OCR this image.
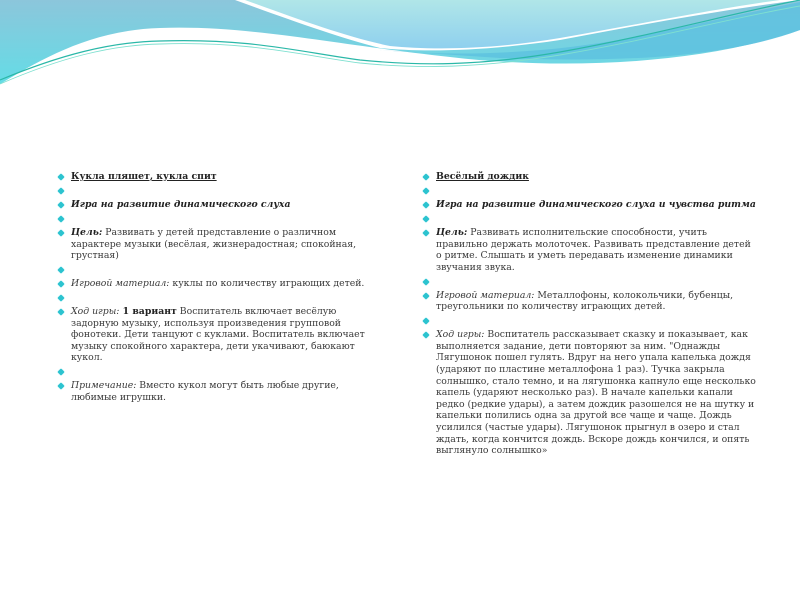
Кукла пляшет, кукла спит
Игра на развитие динамического слуха
Цель: Развивать у детей представление о различном характере музыки (весёлая, жизнерадостная; спокойная, грустная)
Игровой материал: куклы по количеству играющих детей.
Ход игры: 1 вариант Воспитатель включает весёлую задорную музыку, используя произведения групповой фонотеки. Дети танцуют с куклами. Воспитатель включает музыку спокойного характера, дети укачивают, баюкают кукол.
Примечание: Вместо кукол могут быть любые другие, любимые игрушки.
Весёлый дождик
Игра на развитие динамического слуха и чувства ритма
Цель: Развивать исполнительские способности, учить правильно держать молоточек. Развивать представление детей о ритме. Слышать и уметь передавать изменение динамики звучания звука.
Игровой материал: Металлофоны, колокольчики, бубенцы, треугольники по количеству играющих детей.
Ход игры: Воспитатель рассказывает сказку и показывает, как выполняется задание, дети повторяют за ним. "Однажды Лягушонок пошел гулять. Вдруг на него упала капелька дождя (ударяют по пластине металлофона 1 раз). Тучка закрыла солнышко, стало темно, и на лягушонка капнуло еще несколько капель (ударяют несколько раз). В начале капельки капали редко (редкие удары), а затем дождик разошелся не на шутку и капельки полились одна за другой все чаще и чаще. Дождь усилился (частые удары). Лягушонок прыгнул в озеро и стал ждать, когда кончится дождь. Вскоре дождь кончился, и опять выглянуло солнышко»
